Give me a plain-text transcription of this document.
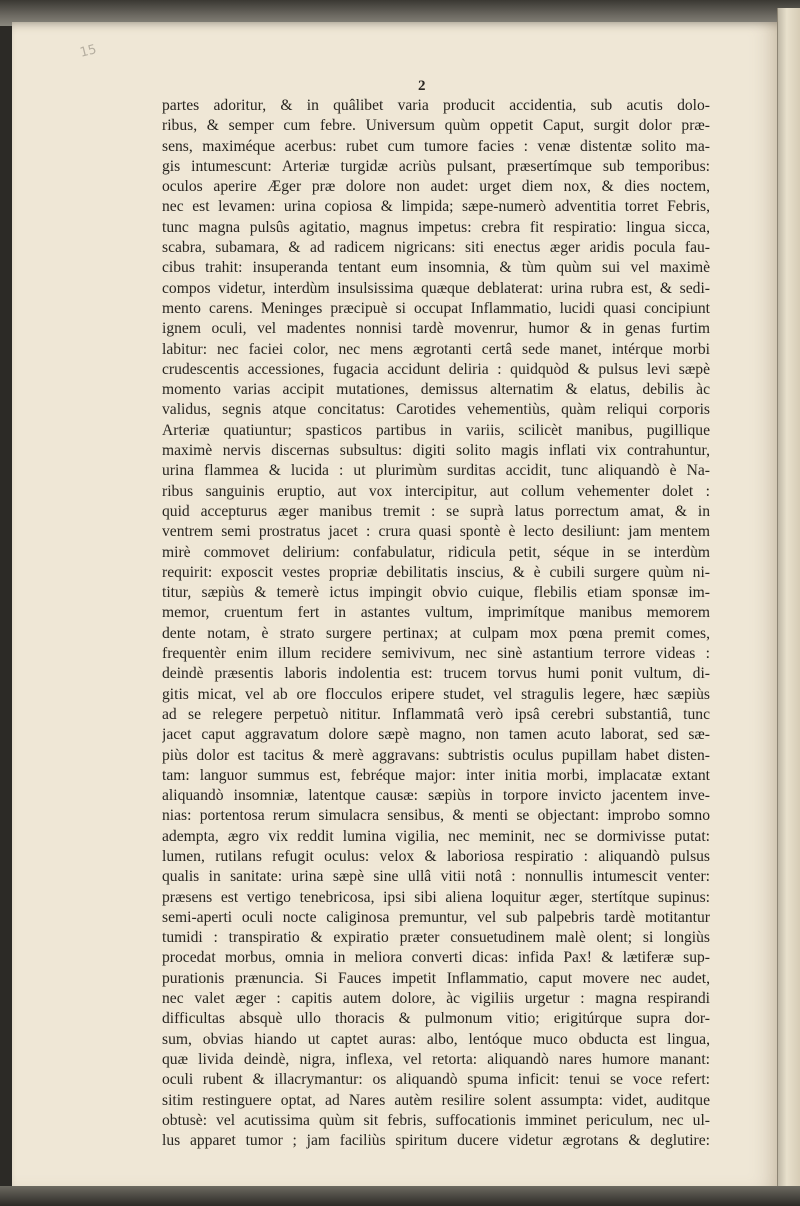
15
2
partes adoritur, & in quâlibet varia producit accidentia, sub acutis dolo-
ribus, & semper cum febre. Universum quùm oppetit Caput, surgit dolor præ-
sens, maximéque acerbus: rubet cum tumore facies : venæ distentæ solito ma-
gis intumescunt: Arteriæ turgidæ acriùs pulsant, præsertímque sub temporibus:
oculos aperire Æger præ dolore non audet: urget diem nox, & dies noctem,
nec est levamen: urina copiosa & limpida; sæpe-numerò adventitia torret Febris,
tunc magna pulsûs agitatio, magnus impetus: crebra fit respiratio: lingua sicca,
scabra, subamara, & ad radicem nigricans: siti enectus æger aridis pocula fau-
cibus trahit: insuperanda tentant eum insomnia, & tùm quùm sui vel maximè
compos videtur, interdùm insulsissima quæque deblaterat: urina rubra est, & sedi-
mento carens. Meninges præcipuè si occupat Inflammatio, lucidi quasi concipiunt
ignem oculi, vel madentes nonnisi tardè movenrur, humor & in genas furtim
labitur: nec faciei color, nec mens ægrotanti certâ sede manet, intérque morbi
crudescentis accessiones, fugacia accidunt deliria : quidquòd & pulsus levi sæpè
momento varias accipit mutationes, demissus alternatim & elatus, debilis àc
validus, segnis atque concitatus: Carotides vehementiùs, quàm reliqui corporis
Arteriæ quatiuntur; spasticos partibus in variis, scilicèt manibus, pugillique
maximè nervis discernas subsultus: digiti solito magis inflati vix contrahuntur,
urina flammea & lucida : ut plurimùm surditas accidit, tunc aliquandò è Na-
ribus sanguinis eruptio, aut vox intercipitur, aut collum vehementer dolet :
quid accepturus æger manibus tremit : se suprà latus porrectum amat, & in
ventrem semi prostratus jacet : crura quasi spontè è lecto desiliunt: jam mentem
mirè commovet delirium: confabulatur, ridicula petit, séque in se interdùm
requirit: exposcit vestes propriæ debilitatis inscius, & è cubili surgere quùm ni-
titur, sæpiùs & temerè ictus impingit obvio cuique, flebilis etiam sponsæ im-
memor, cruentum fert in astantes vultum, imprimítque manibus memorem
dente notam, è strato surgere pertinax; at culpam mox pœna premit comes,
frequentèr enim illum recidere semivivum, nec sinè astantium terrore videas :
deindè præsentis laboris indolentia est: trucem torvus humi ponit vultum, di-
gitis micat, vel ab ore flocculos eripere studet, vel stragulis legere, hæc sæpiùs
ad se relegere perpetuò nititur. Inflammatâ verò ipsâ cerebri substantiâ, tunc
jacet caput aggravatum dolore sæpè magno, non tamen acuto laborat, sed sæ-
piùs dolor est tacitus & merè aggravans: subtristis oculus pupillam habet disten-
tam: languor summus est, febréque major: inter initia morbi, implacatæ extant
aliquandò insomniæ, latentque causæ: sæpiùs in torpore invicto jacentem inve-
nias: portentosa rerum simulacra sensibus, & menti se objectant: improbo somno
adempta, ægro vix reddit lumina vigilia, nec meminit, nec se dormivisse putat:
lumen, rutilans refugit oculus: velox & laboriosa respiratio : aliquandò pulsus
qualis in sanitate: urina sæpè sine ullâ vitii notâ : nonnullis intumescit venter:
præsens est vertigo tenebricosa, ipsi sibi aliena loquitur æger, stertítque supinus:
semi-aperti oculi nocte caliginosa premuntur, vel sub palpebris tardè motitantur
tumidi : transpiratio & expiratio præter consuetudinem malè olent; si longiùs
procedat morbus, omnia in meliora converti dicas: infida Pax! & lætiferæ sup-
purationis prænuncia. Si Fauces impetit Inflammatio, caput movere nec audet,
nec valet æger : capitis autem dolore, àc vigiliis urgetur : magna respirandi
difficultas absquè ullo thoracis & pulmonum vitio; erigitúrque supra dor-
sum, obvias hiando ut captet auras: albo, lentóque muco obducta est lingua,
quæ livida deindè, nigra, inflexa, vel retorta: aliquandò nares humore manant:
oculi rubent & illacrymantur: os aliquandò spuma inficit: tenui se voce refert:
sitim restinguere optat, ad Nares autèm resilire solent assumpta: videt, auditque
obtusè: vel acutissima quùm sit febris, suffocationis imminet periculum, nec ul-
lus apparet tumor ; jam faciliùs spiritum ducere videtur ægrotans & deglutire:
